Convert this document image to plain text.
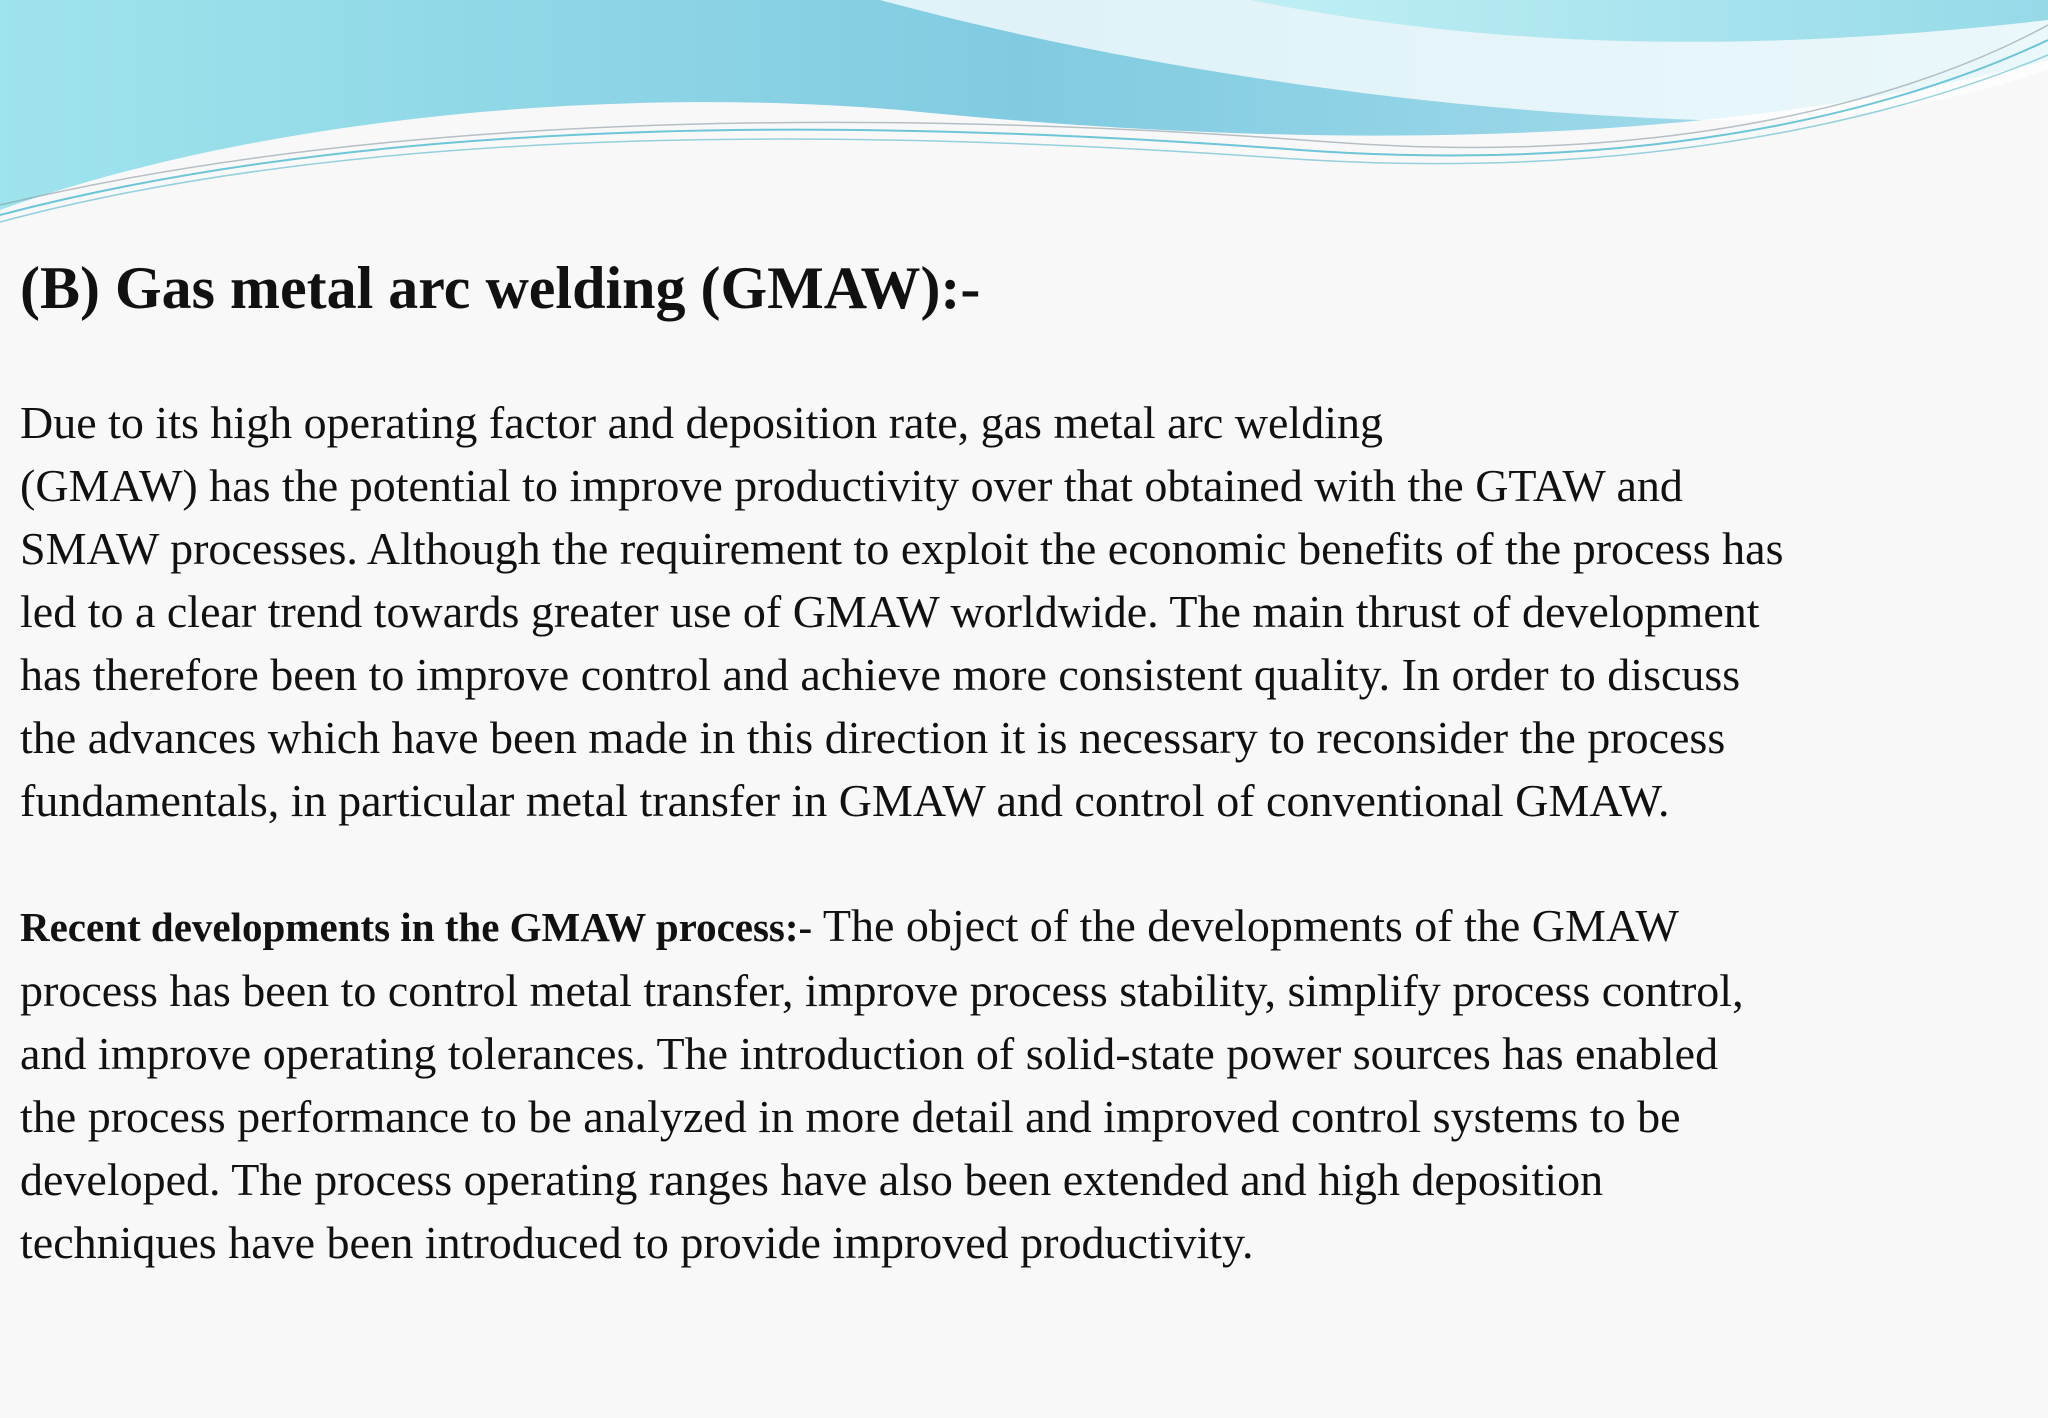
(B) Gas metal arc welding (GMAW):-

Due to its high operating factor and deposition rate, gas metal arc welding
(GMAW) has the potential to improve productivity over that obtained with the GTAW and
SMAW processes. Although the requirement to exploit the economic benefits of the process has
led to a clear trend towards greater use of GMAW worldwide. The main thrust of development
has therefore been to improve control and achieve more consistent quality. In order to discuss
the advances which have been made in this direction it is necessary to reconsider the process
fundamentals, in particular metal transfer in GMAW and control of conventional GMAW.

Recent developments in the GMAW process:- The object of the developments of the GMAW
process has been to control metal transfer, improve process stability, simplify process control,
and improve operating tolerances. The introduction of solid-state power sources has enabled
the process performance to be analyzed in more detail and improved control systems to be
developed. The process operating ranges have also been extended and high deposition
techniques have been introduced to provide improved productivity.
